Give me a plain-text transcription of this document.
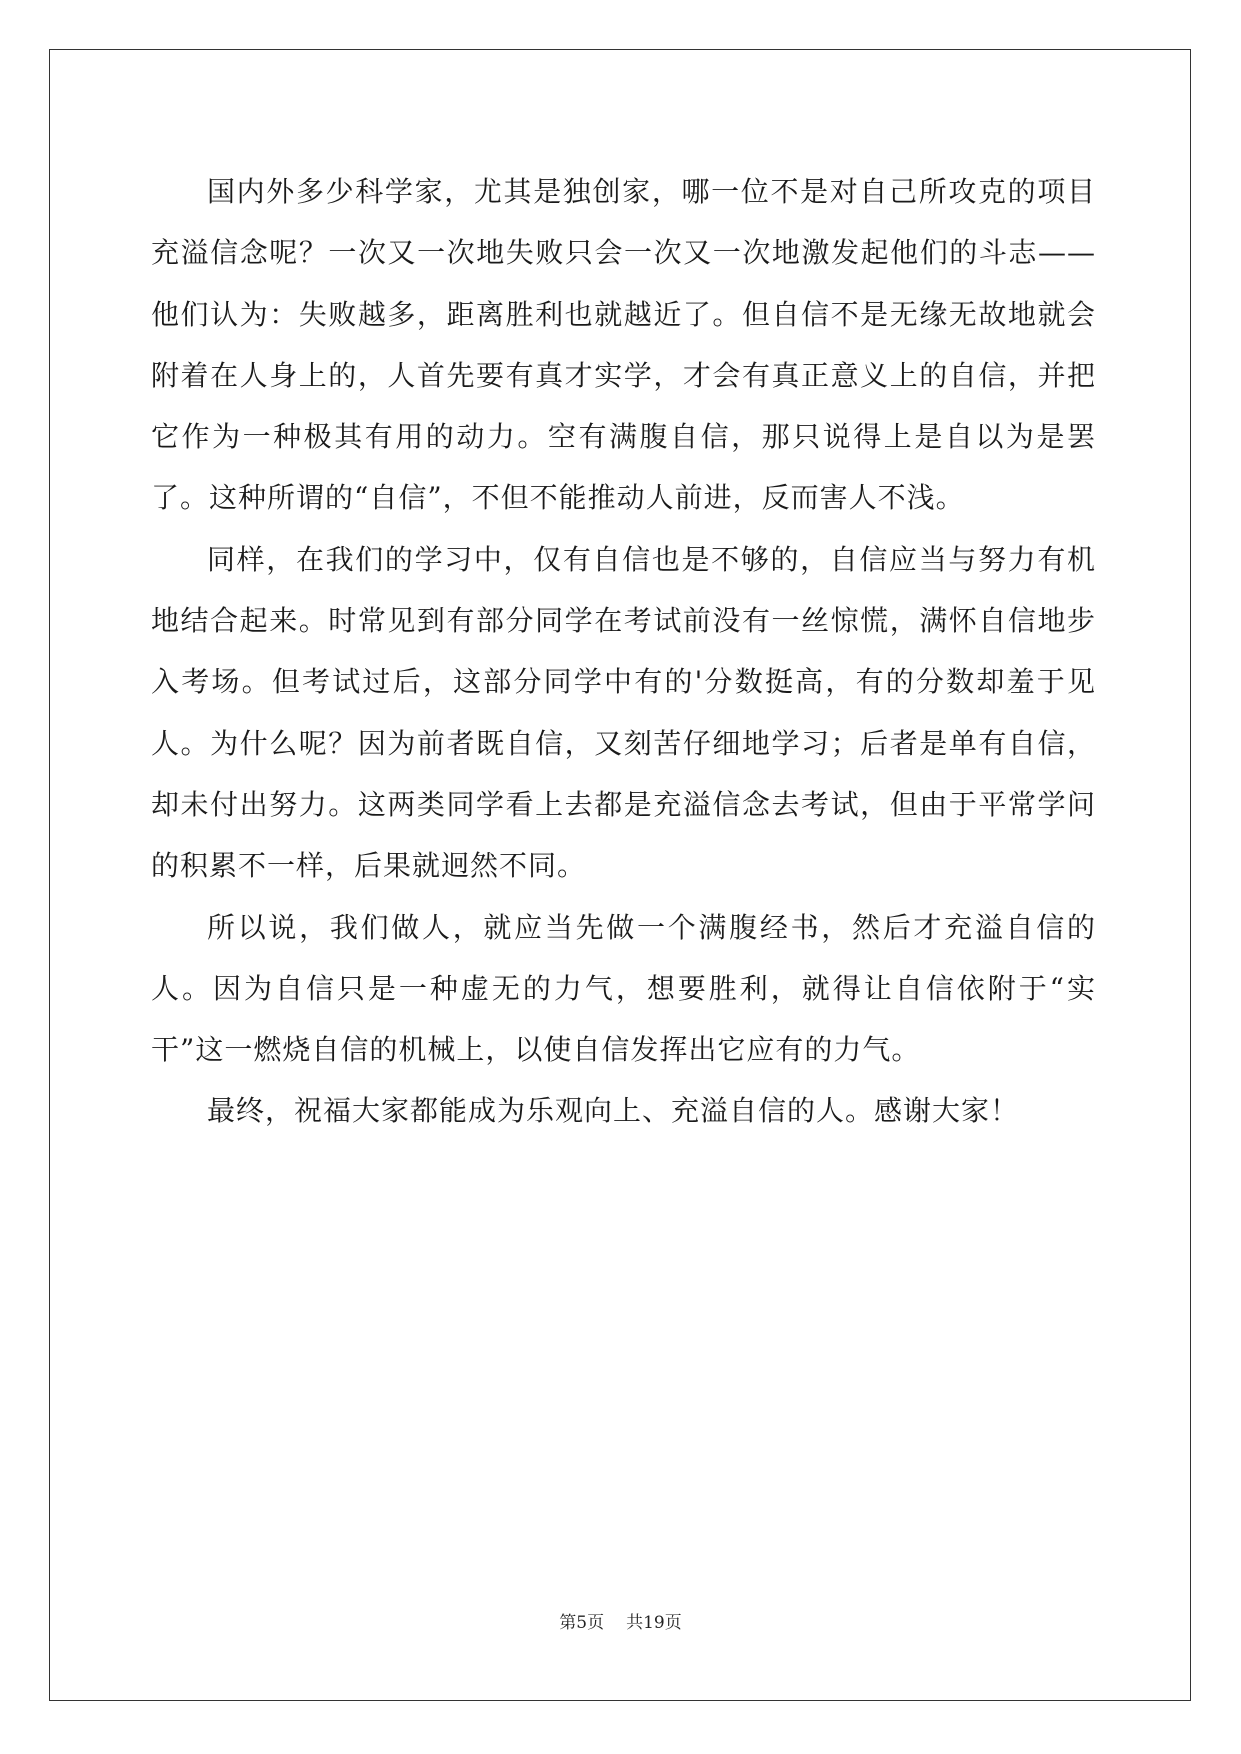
国内外多少科学家，尤其是独创家，哪一位不是对自己所攻克的项目充溢信念呢？一次又一次地失败只会一次又一次地激发起他们的斗志——他们认为：失败越多，距离胜利也就越近了。但自信不是无缘无故地就会附着在人身上的，人首先要有真才实学，才会有真正意义上的自信，并把它作为一种极其有用的动力。空有满腹自信，那只说得上是自以为是罢了。这种所谓的“自信”，不但不能推动人前进，反而害人不浅。

同样，在我们的学习中，仅有自信也是不够的，自信应当与努力有机地结合起来。时常见到有部分同学在考试前没有一丝惊慌，满怀自信地步入考场。但考试过后，这部分同学中有的'分数挺高，有的分数却羞于见人。为什么呢？因为前者既自信，又刻苦仔细地学习；后者是单有自信，却未付出努力。这两类同学看上去都是充溢信念去考试，但由于平常学问的积累不一样，后果就迥然不同。

所以说，我们做人，就应当先做一个满腹经书，然后才充溢自信的人。因为自信只是一种虚无的力气，想要胜利，就得让自信依附于“实干”这一燃烧自信的机械上，以使自信发挥出它应有的力气。

最终，祝福大家都能成为乐观向上、充溢自信的人。感谢大家！

第5页 共19页
